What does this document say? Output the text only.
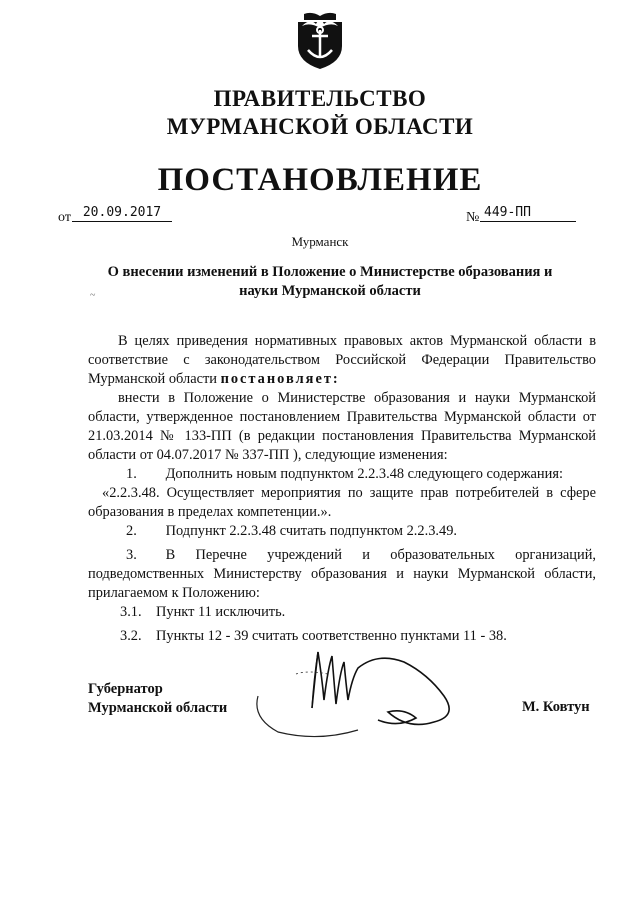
ПРАВИТЕЛЬСТВО
МУРМАНСКОЙ ОБЛАСТИ
ПОСТАНОВЛЕНИЕ
от 20.09.2017	№ 449-ПП
Мурманск
О внесении изменений в Положение о Министерстве образования и
науки Мурманской области
~
В целях приведения нормативных правовых актов Мурманской области в соответствие с законодательством Российской Федерации Правительство Мурманской области постановляет:
внести в Положение о Министерстве образования и науки Мурманской области, утвержденное постановлением Правительства Мурманской области от 21.03.2014 № 133-ПП (в редакции постановления Правительства Мурманской области от 04.07.2017 № 337-ПП ), следующие изменения:
1.  Дополнить новым подпунктом 2.2.3.48 следующего содержания:
«2.2.3.48. Осуществляет мероприятия по защите прав потребителей в сфере образования в пределах компетенции.».
2.  Подпункт 2.2.3.48 считать подпунктом 2.2.3.49.
3.  В Перечне учреждений и образовательных организаций, подведомственных Министерству образования и науки Мурманской области, прилагаемом к Положению:
3.1. Пункт 11 исключить.
3.2. Пункты 12 - 39 считать соответственно пунктами 11 - 38.
Губернатор
Мурманской области	М. Ковтун
